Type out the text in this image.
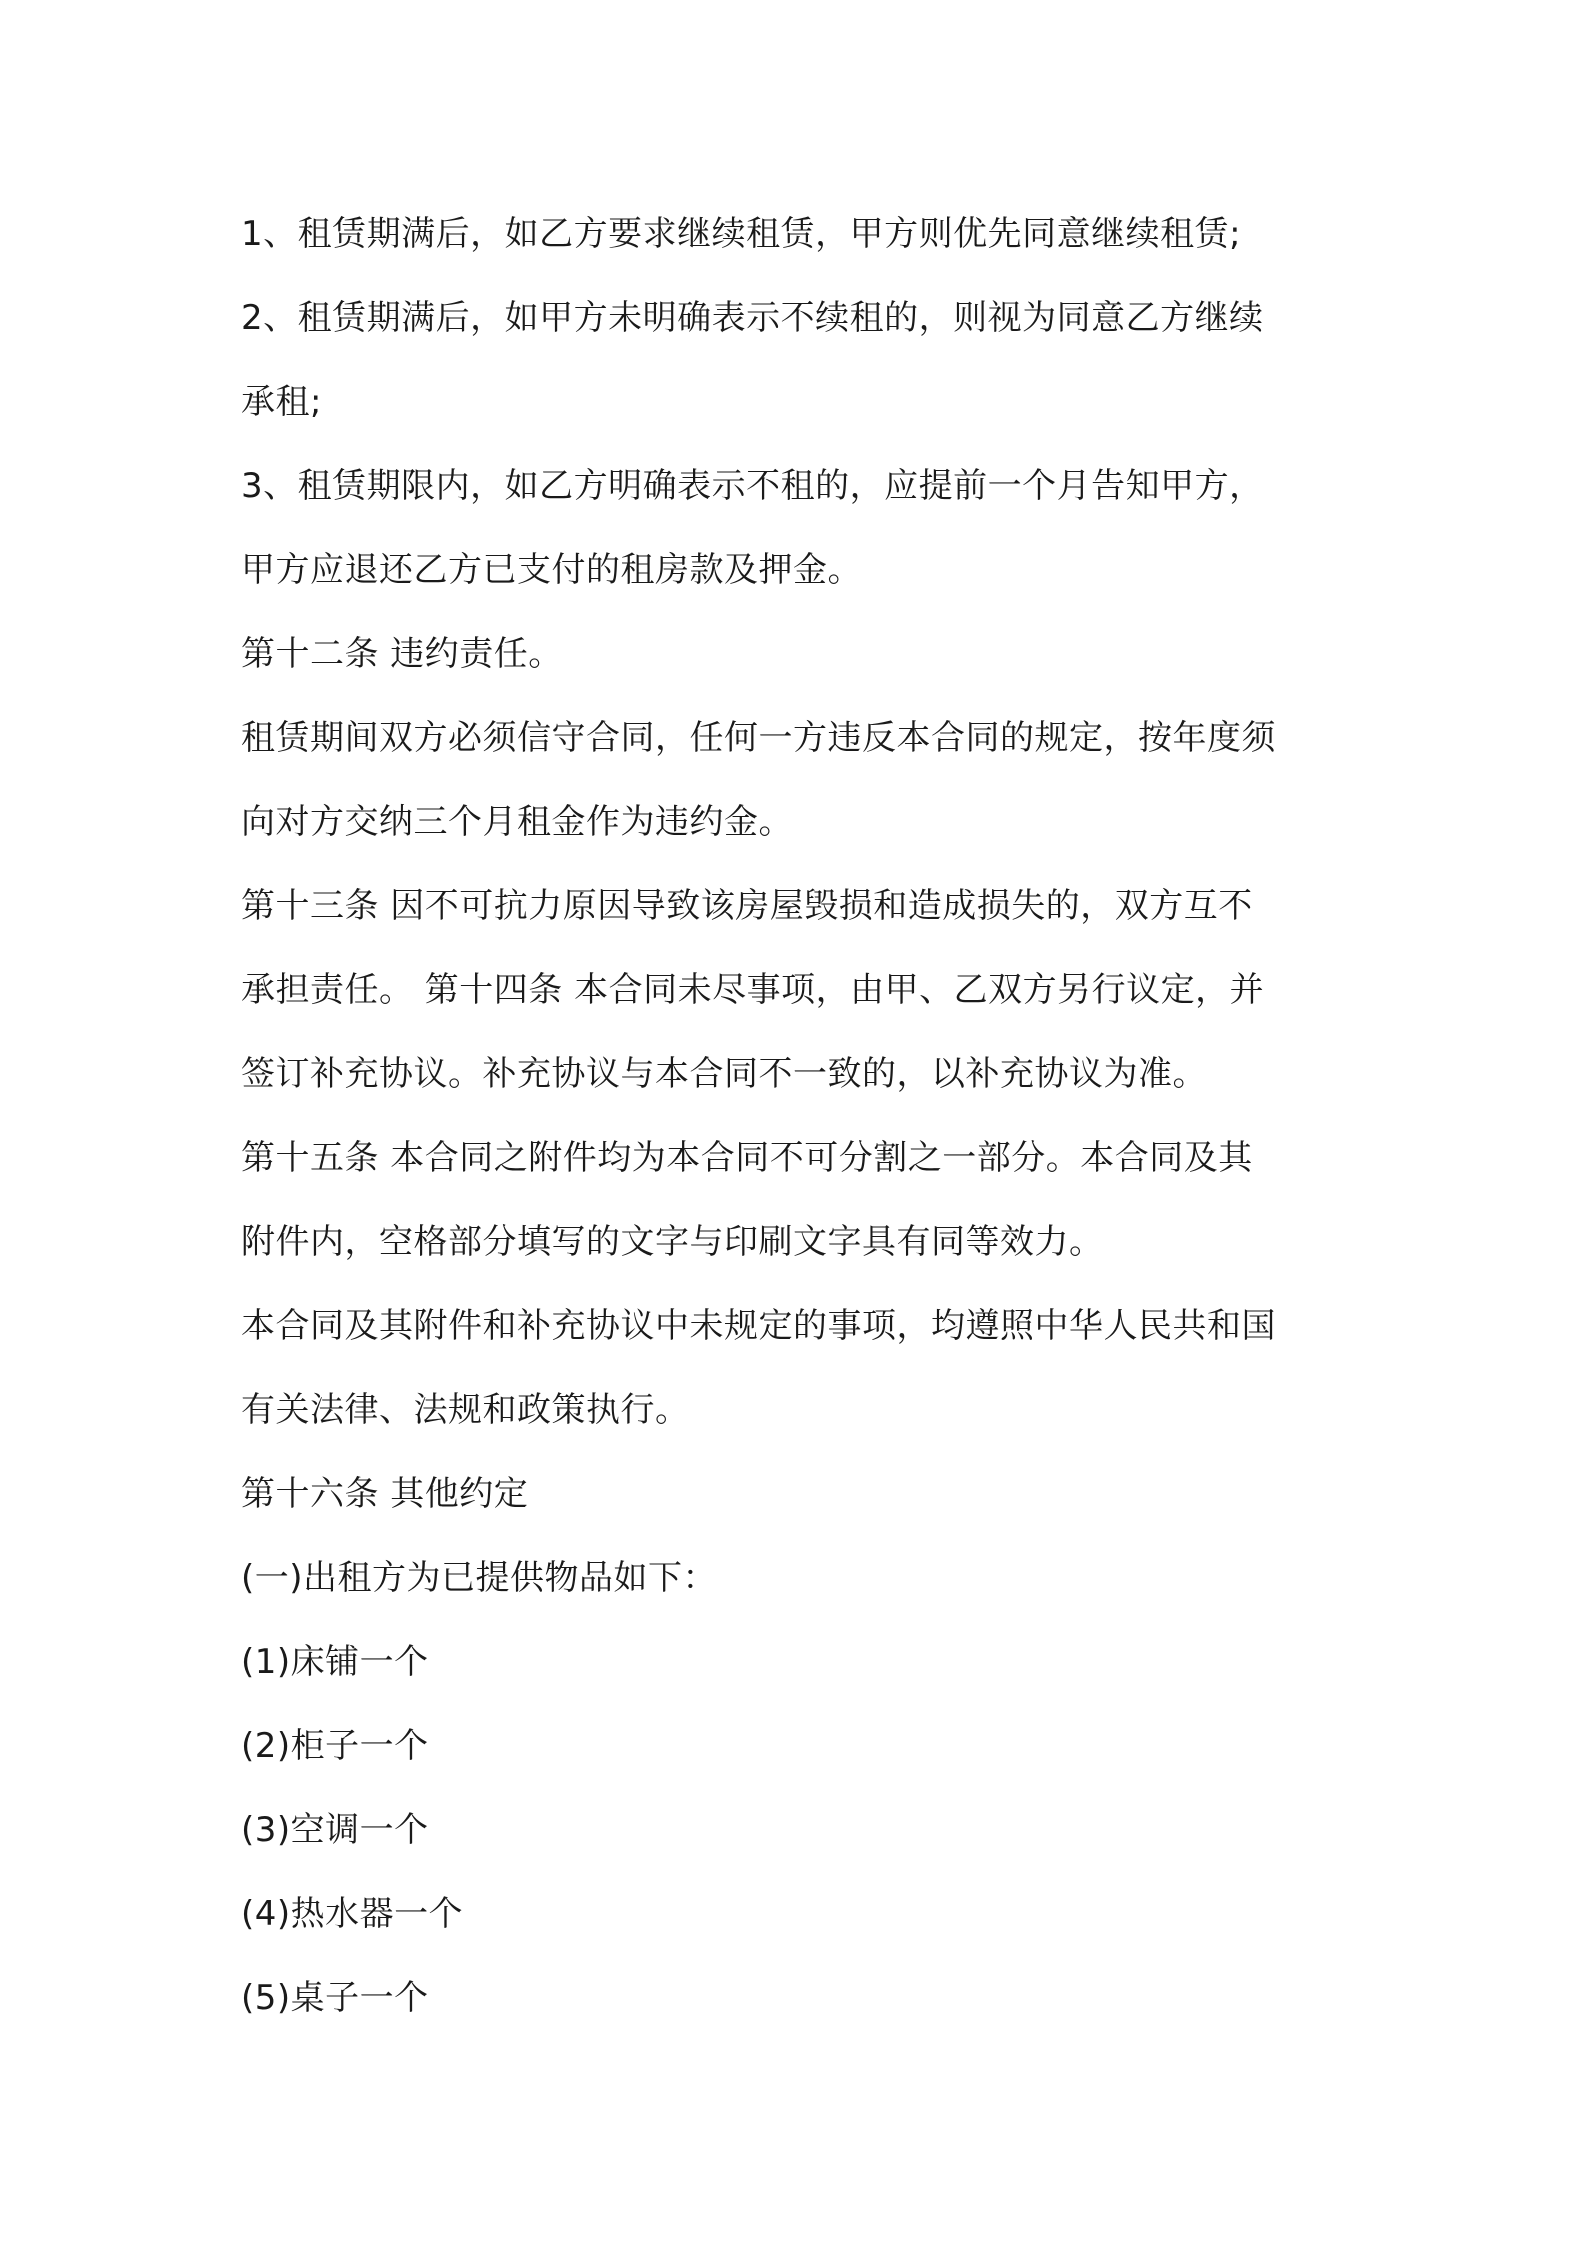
1、租赁期满后，如乙方要求继续租赁，甲方则优先同意继续租赁;
2、租赁期满后，如甲方未明确表示不续租的，则视为同意乙方继续
承租;
3、租赁期限内，如乙方明确表示不租的，应提前一个月告知甲方，
甲方应退还乙方已支付的租房款及押金。
第十二条 违约责任。
租赁期间双方必须信守合同，任何一方违反本合同的规定，按年度须
向对方交纳三个月租金作为违约金。
第十三条 因不可抗力原因导致该房屋毁损和造成损失的，双方互不
承担责任。 第十四条 本合同未尽事项，由甲、乙双方另行议定，并
签订补充协议。补充协议与本合同不一致的，以补充协议为准。
第十五条 本合同之附件均为本合同不可分割之一部分。本合同及其
附件内，空格部分填写的文字与印刷文字具有同等效力。
本合同及其附件和补充协议中未规定的事项，均遵照中华人民共和国
有关法律、法规和政策执行。
第十六条 其他约定
(一)出租方为已提供物品如下：
(1)床铺一个
(2)柜子一个
(3)空调一个
(4)热水器一个
(5)桌子一个
